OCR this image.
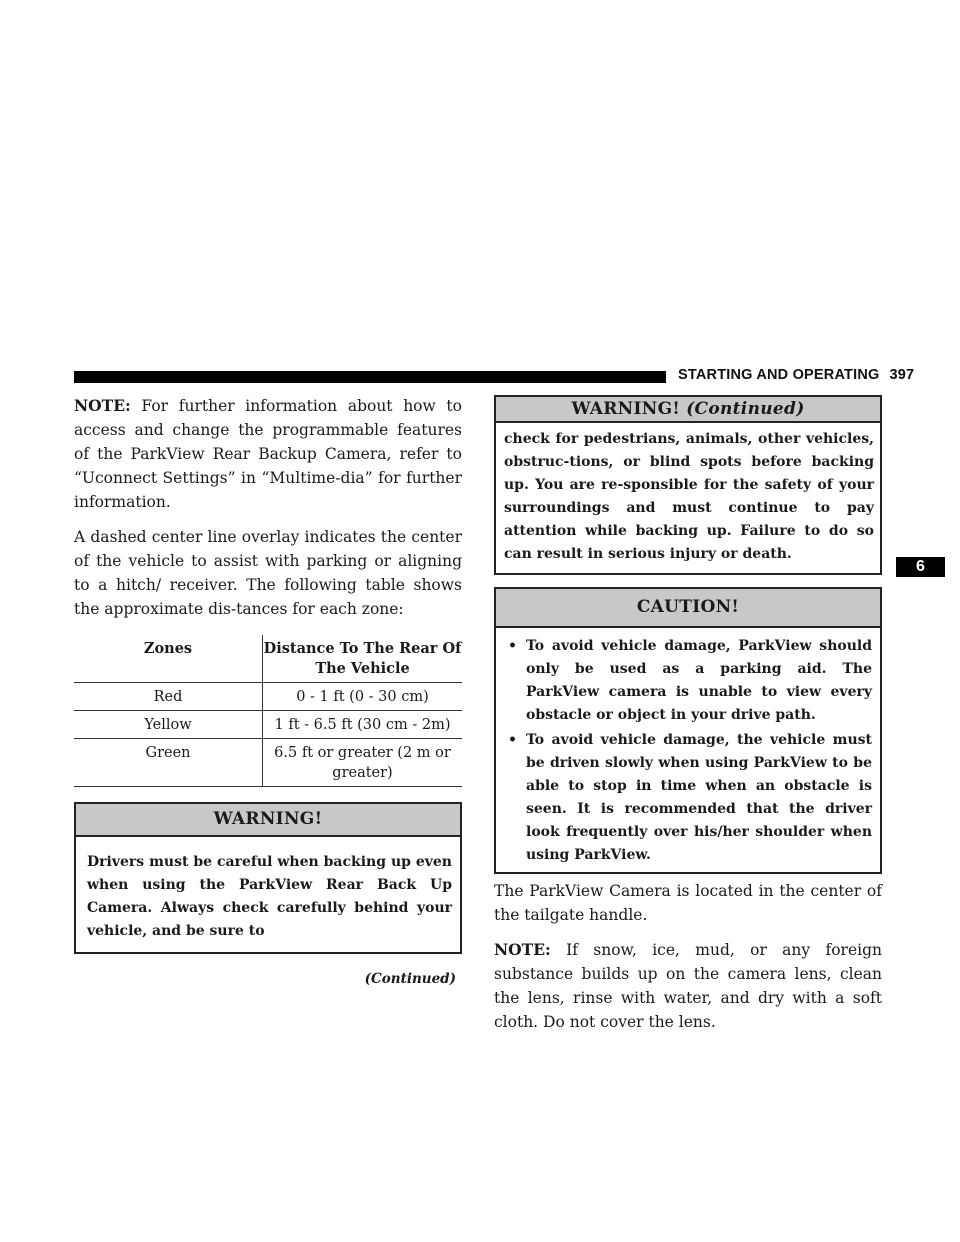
STARTING AND OPERATING 397
6

NOTE: For further information about how to access and change the programmable features of the ParkView Rear Backup Camera, refer to “Uconnect Settings” in “Multime-dia” for further information.

A dashed center line overlay indicates the center of the vehicle to assist with parking or aligning to a hitch/ receiver. The following table shows the approximate dis-tances for each zone:

Zones	Distance To The Rear Of The Vehicle
Red	0 - 1 ft (0 - 30 cm)
Yellow	1 ft - 6.5 ft (30 cm - 2m)
Green	6.5 ft or greater (2 m or greater)
WARNING!
Drivers must be careful when backing up even when using the ParkView Rear Back Up Camera. Always check carefully behind your vehicle, and be sure to
(Continued)
WARNING! (Continued)
check for pedestrians, animals, other vehicles, obstruc-tions, or blind spots before backing up. You are re-sponsible for the safety of your surroundings and must continue to pay attention while backing up. Failure to do so can result in serious injury or death.
CAUTION!
• To avoid vehicle damage, ParkView should only be used as a parking aid. The ParkView camera is unable to view every obstacle or object in your drive path.
• To avoid vehicle damage, the vehicle must be driven slowly when using ParkView to be able to stop in time when an obstacle is seen. It is recommended that the driver look frequently over his/her shoulder when using ParkView.

The ParkView Camera is located in the center of the tailgate handle.

NOTE: If snow, ice, mud, or any foreign substance builds up on the camera lens, clean the lens, rinse with water, and dry with a soft cloth. Do not cover the lens.
